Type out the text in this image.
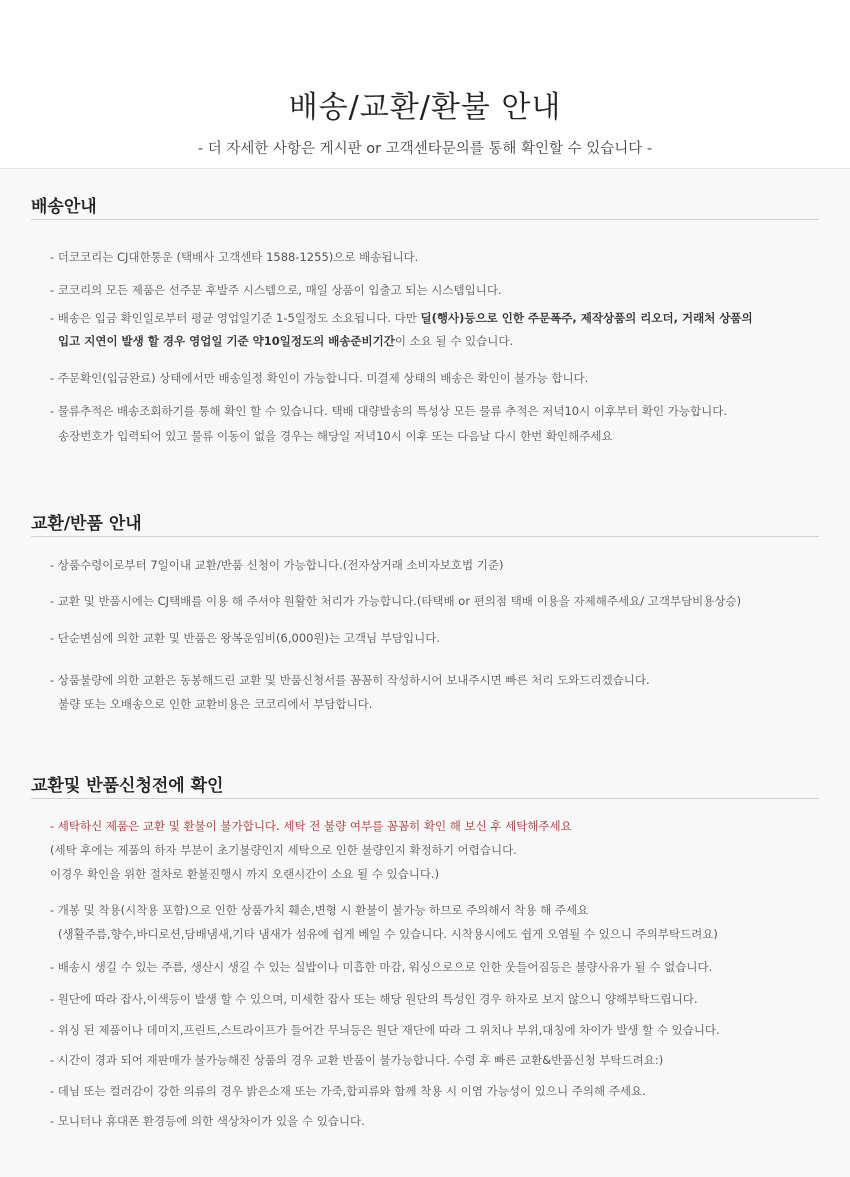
배송/교환/환불 안내
- 더 자세한 사항은 게시판 or 고객센타문의를 통해 확인할 수 있습니다 -
배송안내
- 더코코리는 CJ대한통운 (택배사 고객센타 1588-1255)으로 배송됩니다.
- 코코리의 모든 제품은 선주문 후발주 시스템으로, 매일 상품이 입출고 되는 시스템입니다.
- 배송은 입금 확인일로부터 평균 영업일기준 1-5일정도 소요됩니다. 다만 딜(행사)등으로 인한 주문폭주, 제작상품의 리오더, 거래처 상품의
입고 지연이 발생 할 경우 영업일 기준 약10일정도의 배송준비기간이 소요 될 수 있습니다.
- 주문확인(입금완료) 상태에서만 배송일정 확인이 가능합니다. 미결제 상태의 배송은 확인이 불가능 합니다.
- 물류추적은 배송조회하기를 통해 확인 할 수 있습니다. 택배 대량발송의 특성상 모든 물류 추적은 저녁10시 이후부터 확인 가능합니다.
송장번호가 입력되어 있고 물류 이동이 없을 경우는 해당일 저녁10시 이후 또는 다음날 다시 한번 확인해주세요
교환/반품 안내
- 상품수령이로부터 7일이내 교환/반품 신청이 가능합니다.(전자상거래 소비자보호법 기준)
- 교환 및 반품시에는 CJ택배를 이용 해 주셔야 원활한 처리가 가능합니다.(타택배 or 편의점 택배 이용을 자제해주세요/ 고객부담비용상승)
- 단순변심에 의한 교환 및 반품은 왕복운임비(6,000원)는 고객님 부담입니다.
- 상품불량에 의한 교환은 동봉해드린 교환 및 반품신청서를 꼼꼼히 작성하시어 보내주시면 빠른 처리 도와드리겠습니다.
불량 또는 오배송으로 인한 교환비용은 코코리에서 부담합니다.
교환및 반품신청전에 확인
- 세탁하신 제품은 교환 및 환불이 불가합니다. 세탁 전 불량 여부를 꼼꼼히 확인 해 보신 후 세탁해주세요
(세탁 후에는 제품의 하자 부분이 초기불량인지 세탁으로 인한 불량인지 확정하기 어렵습니다.
이경우 확인을 위한 절차로 환불진행시 까지 오랜시간이 소요 될 수 있습니다.)
- 개봉 및 착용(시착용 포함)으로 인한 상품가치 훼손,변형 시 환불이 불가능 하므로 주의해서 착용 해 주세요
(생활주름,향수,바디로션,담배냄새,기타 냄새가 섬유에 쉽게 베일 수 있습니다. 시착용시에도 쉽게 오염될 수 있으니 주의부탁드려요)
- 배송시 생길 수 있는 주름, 생산시 생길 수 있는 실밥이나 미흡한 마감, 워싱으로으로 인한 웃들어짐등은 불량사유가 될 수 없습니다.
- 원단에 따라 잡사,이색등이 발생 할 수 있으며, 미세한 잡사 또는 해당 원단의 특성인 경우 하자로 보지 않으니 양해부탁드립니다.
- 위싱 된 제품이나 데미지,프린트,스트라이프가 들어간 무늬등은 원단 재단에 따라 그 위치나 부위,대칭에 차이가 발생 할 수 있습니다.
- 시간이 경과 되어 재판매가 불가능해진 상품의 경우 교환 반품이 불가능합니다. 수령 후 빠른 교환&반품신청 부탁드려요:)
- 데님 또는 컬러감이 강한 의류의 경우 밝은소재 또는 가죽,합피류와 함께 착용 시 이염 가능성이 있으니 주의해 주세요.
- 모니터나 휴대폰 환경등에 의한 색상차이가 있을 수 있습니다.
